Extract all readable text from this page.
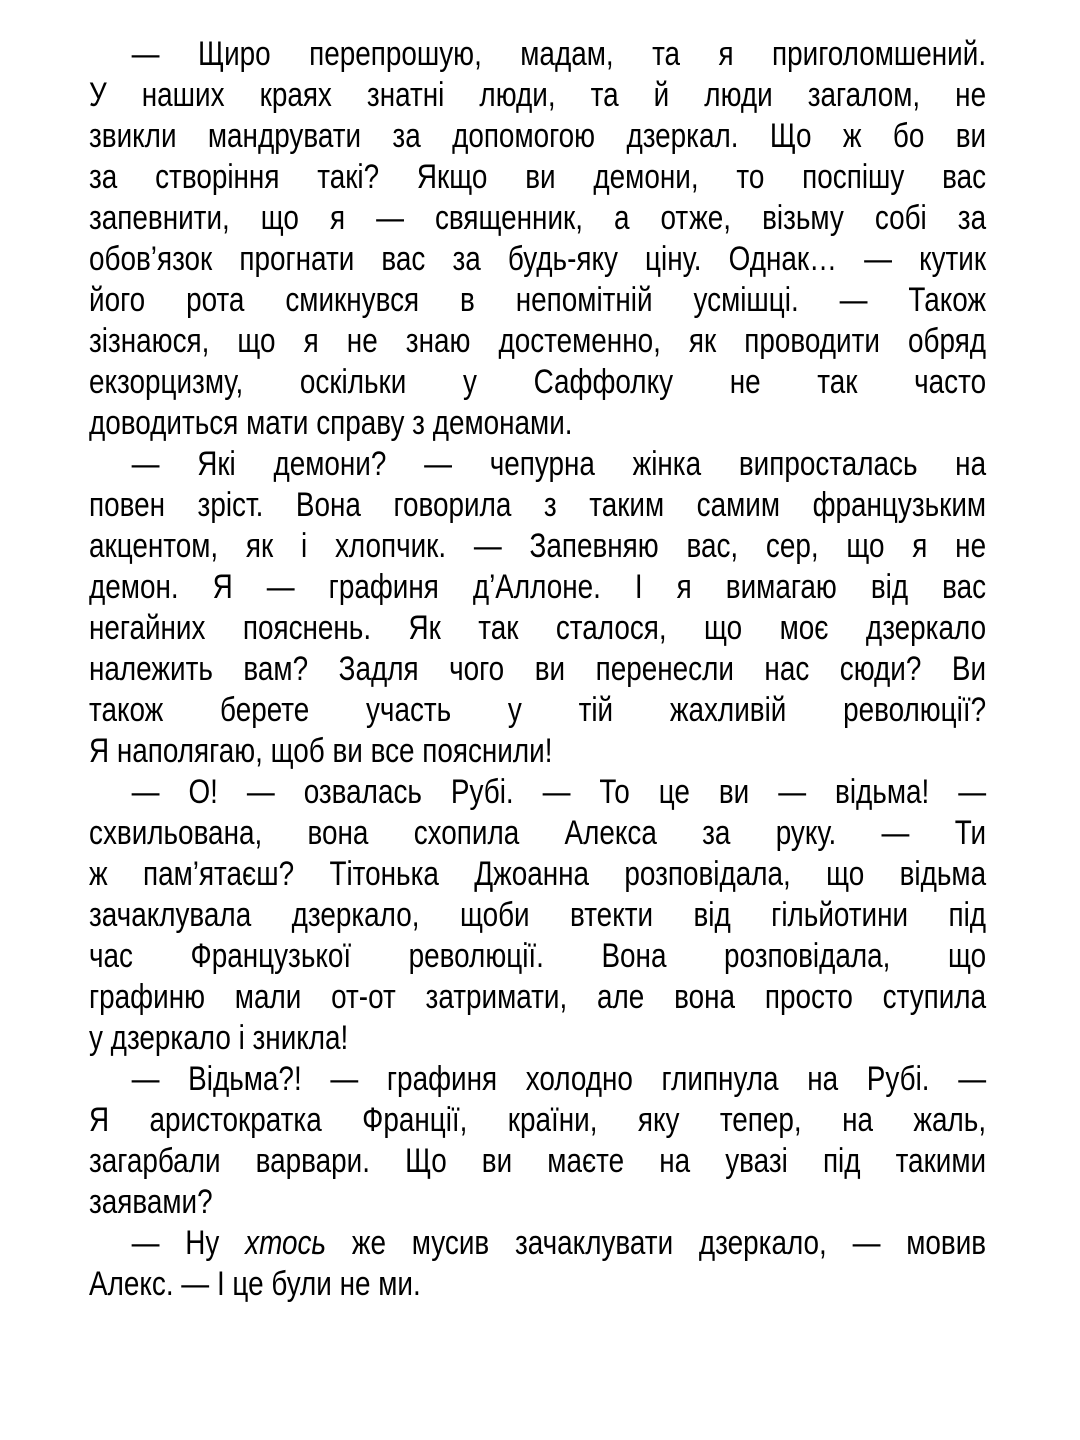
— Щиро перепрошую, мадам, та я приголомшений.
У наших краях знатні люди, та й люди загалом, не
звикли мандрувати за допомогою дзеркал. Що ж бо ви
за створіння такі? Якщо ви демони, то поспішу вас
запевнити, що я — священник, а отже, візьму собі за
обов’язок прогнати вас за будь-яку ціну. Однак… — кутик
його рота смикнувся в непомітній усмішці. — Також
зізнаюся, що я не знаю достеменно, як проводити обряд
екзорцизму, оскільки у Саффолку не так часто
доводиться мати справу з демонами.
— Які демони? — чепурна жінка випросталась на
повен зріст. Вона говорила з таким самим французьким
акцентом, як і хлопчик. — Запевняю вас, сер, що я не
демон. Я — графиня д’Аллоне. І я вимагаю від вас
негайних пояснень. Як так сталося, що моє дзеркало
належить вам? Задля чого ви перенесли нас сюди? Ви
також берете участь у тій жахливій революції?
Я наполягаю, щоб ви все пояснили!
— О! — озвалась Рубі. — То це ви — відьма! —
схвильована, вона схопила Алекса за руку. — Ти
ж пам’ятаєш? Тітонька Джоанна розповідала, що відьма
зачаклувала дзеркало, щоби втекти від гільйотини під
час Французької революції. Вона розповідала, що
графиню мали от-от затримати, але вона просто ступила
у дзеркало і зникла!
— Відьма?! — графиня холодно глипнула на Рубі. —
Я аристократка Франції, країни, яку тепер, на жаль,
загарбали варвари. Що ви маєте на увазі під такими
заявами?
— Ну хтось же мусив зачаклувати дзеркало, — мовив
Алекс. — І це були не ми.
